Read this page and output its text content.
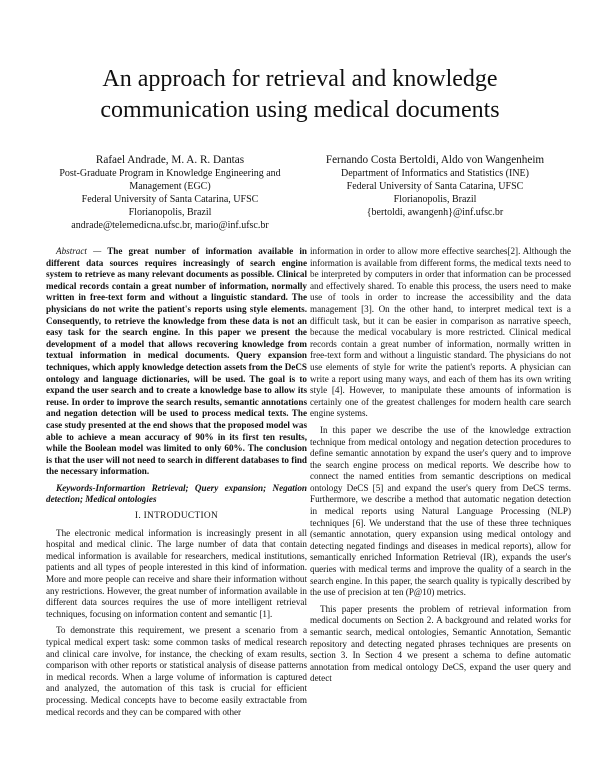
An approach for retrieval and knowledge communication using medical documents
Rafael Andrade, M. A. R. Dantas
Post-Graduate Program in Knowledge Engineering and Management (EGC)
Federal University of Santa Catarina, UFSC
Florianopolis, Brazil
andrade@telemedicna.ufsc.br, mario@inf.ufsc.br
Fernando Costa Bertoldi, Aldo von Wangenheim
Department of Informatics and Statistics (INE)
Federal University of Santa Catarina, UFSC
Florianopolis, Brazil
{bertoldi, awangenh}@inf.ufsc.br

Abstract — The great number of information available in different data sources requires increasingly of search engine system to retrieve as many relevant documents as possible. Clinical medical records contain a great number of information, normally written in free-text form and without a linguistic standard. The physicians do not write the patient's reports using style elements. Consequently, to retrieve the knowledge from these data is not an easy task for the search engine. In this paper we present the development of a model that allows recovering knowledge from textual information in medical documents. Query expansion techniques, which apply knowledge detection assets from the DeCS ontology and language dictionaries, will be used. The goal is to expand the user search and to create a knowledge base to allow its reuse. In order to improve the search results, semantic annotations and negation detection will be used to process medical texts. The case study presented at the end shows that the proposed model was able to achieve a mean accuracy of 90% in its first ten results, while the Boolean model was limited to only 60%. The conclusion is that the user will not need to search in different databases to find the necessary information.

Keywords-Informartion Retrieval; Query expansion; Negation detection; Medical ontologies

I. INTRODUCTION

The electronic medical information is increasingly present in all hospital and medical clinic. The large number of data that contain medical information is available for researchers, medical institutions, patients and all types of people interested in this kind of information. More and more people can receive and share their information without any restrictions. However, the great number of information available in different data sources requires the use of more intelligent retrieval techniques, focusing on information content and semantic [1].

To demonstrate this requirement, we present a scenario from a typical medical expert task: some common tasks of medical research and clinical care involve, for instance, the checking of exam results, comparison with other reports or statistical analysis of disease patterns in medical records. When a large volume of information is captured and analyzed, the automation of this task is crucial for efficient processing. Medical concepts have to become easily extractable from medical records and they can be compared with other

information in order to allow more effective searches[2]. Although the information is available from different forms, the medical texts need to be interpreted by computers in order that information can be processed and effectively shared. To enable this process, the users need to make use of tools in order to increase the accessibility and the data management [3]. On the other hand, to interpret medical text is a difficult task, but it can be easier in comparison as narrative speech, because the medical vocabulary is more restricted. Clinical medical records contain a great number of information, normally written in free-text form and without a linguistic standard. The physicians do not use elements of style for write the patient's reports. A physician can write a report using many ways, and each of them has its own writing style [4]. However, to manipulate these amounts of information is certainly one of the greatest challenges for modern health care search engine systems.

In this paper we describe the use of the knowledge extraction technique from medical ontology and negation detection procedures to define semantic annotation by expand the user's query and to improve the search engine process on medical reports. We describe how to connect the named entities from semantic descriptions on medical ontology DeCS [5] and expand the user's query from DeCS terms. Furthermore, we describe a method that automatic negation detection in medical reports using Natural Language Processing (NLP) techniques [6]. We understand that the use of these three techniques (semantic annotation, query expansion using medical ontology and detecting negated findings and diseases in medical reports), allow for semantically enriched Information Retrieval (IR), expands the user's queries with medical terms and improve the quality of a search in the search engine. In this paper, the search quality is typically described by the use of precision at ten (P@10) metrics.

This paper presents the problem of retrieval information from medical documents on Section 2. A background and related works for semantic search, medical ontologies, Semantic Annotation, Semantic repository and detecting negated phrases techniques are presents on section 3. In Section 4 we present a schema to define automatic annotation from medical ontology DeCS, expand the user query and detect
